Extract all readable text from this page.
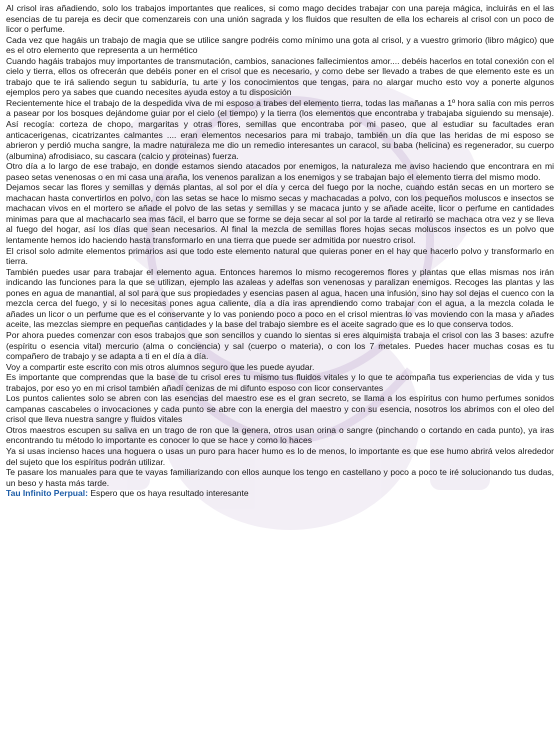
Al crisol iras añadiendo, solo los trabajos importantes que realices, si como mago decides trabajar con una pareja mágica, incluirás en el las esencias de tu pareja es decir que comenzareis con una unión sagrada y los fluidos que resulten de ella los echareis al crisol con un poco de licor o perfume.

Cada vez que hagáis un trabajo de magia que se utilice sangre podréis como mínimo una gota al crisol, y a vuestro grimorio (libro mágico) que es el otro elemento que representa a un hermético

Cuando hagáis trabajos muy importantes de transmutación, cambios, sanaciones fallecimientos amor.... debéis hacerlos en total conexión con el cielo y tierra, ellos os ofrecerán que debéis poner en el crisol que es necesario, y como debe ser llevado a trabes de que elemento este es un trabajo que te irá saliendo segun tu sabiduría, tu arte y los conocimientos que tengas, para no alargar mucho esto voy a ponerte algunos ejemplos pero ya sabes que cuando necesites ayuda estoy a tu disposición

Recientemente hice el trabajo de la despedida viva de mi esposo a trabes del elemento tierra, todas las mañanas a 1º hora salía con mis perros a pasear por los bosques dejándome guiar por el cielo (el tiempo) y la tierra (los elementos que encontraba y trabajaba siguiendo su mensaje). Así recogía: corteza de chopo, margaritas y otras flores, semillas que encontraba por mi paseo, que al estudiar su facultades eran anticacerigenas, cicatrizantes calmantes .... eran elementos necesarios para mi trabajo, también un día que las heridas de mi esposo se abrieron y perdió mucha sangre, la madre naturaleza me dio un remedio interesantes un caracol, su baba (helicina) es regenerador, su cuerpo (albumina) afrodisiaco, su cascara (calcio y proteinas) fuerza.

Otro día a lo largo de ese trabajo, en donde estamos siendo atacados por enemigos, la naturaleza me aviso haciendo que encontrara en mi paseo setas venenosas o en mi casa una araña, los venenos paralizan a los enemigos y se trabajan bajo el elemento tierra del mismo modo.

Dejamos secar las flores y semillas y demás plantas, al sol por el día y cerca del fuego por la noche, cuando están secas en un mortero se machacan hasta convertirlos en polvo, con las setas se hace lo mismo secas y machacadas a polvo, con los pequeños moluscos e insectos se machacan vivos en el mortero se añade el polvo de las setas y semillas y se macaca junto y se añade aceite, licor o perfume en cantidades minimas para que al machacarlo sea mas fácil, el barro que se forme se deja secar al sol por la tarde al retirarlo se machaca otra vez y se lleva al fuego del hogar, así los días que sean necesarios. Al final la mezcla de semillas flores hojas secas moluscos insectos es un polvo que lentamente hemos ido haciendo hasta transformarlo en una tierra que puede ser admitida por nuestro crisol.

El crisol solo admite elementos primarios asi que todo este elemento natural que quieras poner en el hay que hacerlo polvo y transformarlo en tierra.

También puedes usar para trabajar el elemento agua. Entonces haremos lo mismo recogeremos flores y plantas que ellas mismas nos irán indicando las funciones para la que se utilizan, ejemplo las azaleas y adelfas son venenosas y paralizan enemigos. Recoges las plantas y las pones en agua de manantial, al sol para que sus propiedades y esencias pasen al agua, hacen una infusión, sino hay sol dejas el cuenco con la mezcla cerca del fuego, y si lo necesitas pones agua caliente, día a día iras aprendiendo como trabajar con el agua, a la mezcla colada le añades un licor o un perfume que es el conservante y lo vas poniendo poco a poco en el crisol mientras lo vas moviendo con la masa y añades aceite, las mezclas siempre en pequeñas cantidades y la base del trabajo siembre es el aceite sagrado que es lo que conserva todos.

Por ahora puedes comenzar con esos trabajos que son sencillos y cuando lo sientas si eres alquimista trabaja el crisol con las 3 bases: azufre (espíritu o esencia vital) mercurio (alma o conciencia) y sal (cuerpo o materia), o con los 7 metales. Puedes hacer muchas cosas es tu compañero de trabajo y se adapta a ti en el día a día.

Voy a compartir este escrito con mis otros alumnos seguro que les puede ayudar.

Es importante que comprendas que la base de tu crisol eres tu mismo tus fluidos vitales y lo que te acompaña tus experiencias de vida y tus trabajos, por eso yo en mi crisol también añadí cenizas de mi difunto esposo con licor conservantes

Los puntos calientes solo se abren con las esencias del maestro ese es el gran secreto, se llama a los espíritus con humo perfumes sonidos campanas cascabeles o invocaciones y cada punto se abre con la energia del maestro y con su esencia, nosotros los abrimos con el oleo del crisol que lleva nuestra sangre y fluidos vitales

Otros maestros escupen su saliva en un trago de ron que la genera, otros usan orina o sangre (pinchando o cortando en cada punto), ya iras encontrando tu método lo importante es conocer lo que se hace y como lo haces

Ya si usas incienso haces una hoguera o usas un puro para hacer humo es lo de menos, lo importante es que ese humo abrirá velos alrededor del sujeto que los espíritus podrán utilizar.

Te pasare los manuales para que te vayas familiarizando con ellos aunque los tengo en castellano y poco a poco te iré solucionando tus dudas, un beso y hasta más tarde.

Tau Infinito Perpual: Espero que os haya resultado interesante
